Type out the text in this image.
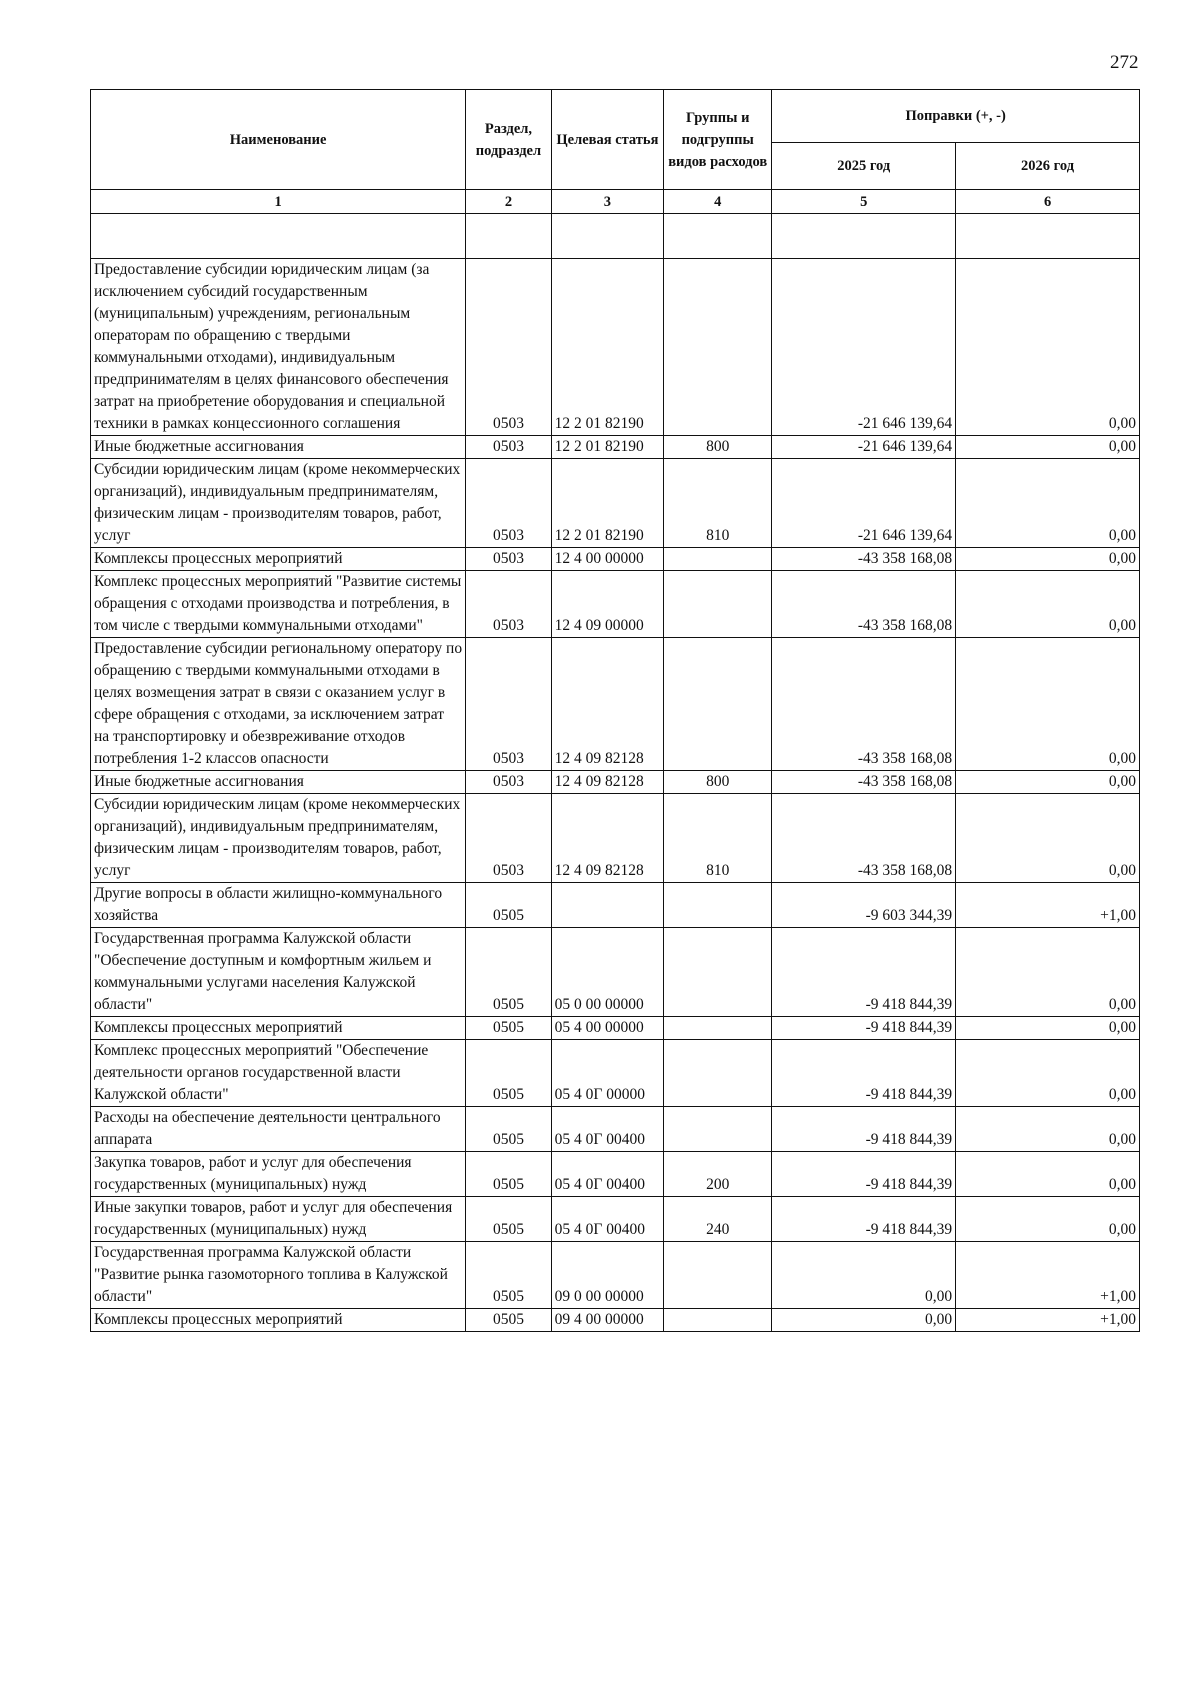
272
Наименование	Раздел, подраздел	Целевая статья	Группы и подгруппы видов расходов	Поправки (+, -)	
				2025 год	2026 год
1	2	3	4	5	6

Предоставление субсидии юридическим лицам (за исключением субсидий государственным (муниципальным) учреждениям, региональным операторам по обращению с твердыми коммунальными отходами), индивидуальным предпринимателям в целях финансового обеспечения затрат на приобретение оборудования и специальной техники в рамках концессионного соглашения	0503	12 2 01 82190		-21 646 139,64	0,00
Иные бюджетные ассигнования	0503	12 2 01 82190	800	-21 646 139,64	0,00
Субсидии юридическим лицам (кроме некоммерческих организаций), индивидуальным предпринимателям, физическим лицам - производителям товаров, работ, услуг	0503	12 2 01 82190	810	-21 646 139,64	0,00
Комплексы процессных мероприятий	0503	12 4 00 00000		-43 358 168,08	0,00
Комплекс процессных мероприятий "Развитие системы обращения с отходами производства и потребления, в том числе с твердыми коммунальными отходами"	0503	12 4 09 00000		-43 358 168,08	0,00
Предоставление субсидии региональному оператору по обращению с твердыми коммунальными отходами в целях возмещения затрат в связи с оказанием услуг в сфере обращения с отходами, за исключением затрат на транспортировку и обезвреживание отходов потребления 1-2 классов опасности	0503	12 4 09 82128		-43 358 168,08	0,00
Иные бюджетные ассигнования	0503	12 4 09 82128	800	-43 358 168,08	0,00
Субсидии юридическим лицам (кроме некоммерческих организаций), индивидуальным предпринимателям, физическим лицам - производителям товаров, работ, услуг	0503	12 4 09 82128	810	-43 358 168,08	0,00
Другие вопросы в области жилищно-коммунального хозяйства	0505			-9 603 344,39	+1,00
Государственная программа Калужской области "Обеспечение доступным и комфортным жильем и коммунальными услугами населения Калужской области"	0505	05 0 00 00000		-9 418 844,39	0,00
Комплексы процессных мероприятий	0505	05 4 00 00000		-9 418 844,39	0,00
Комплекс процессных мероприятий "Обеспечение деятельности органов государственной власти Калужской области"	0505	05 4 0Г 00000		-9 418 844,39	0,00
Расходы на обеспечение деятельности центрального аппарата	0505	05 4 0Г 00400		-9 418 844,39	0,00
Закупка товаров, работ и услуг для обеспечения государственных (муниципальных) нужд	0505	05 4 0Г 00400	200	-9 418 844,39	0,00
Иные закупки товаров, работ и услуг для обеспечения государственных (муниципальных) нужд	0505	05 4 0Г 00400	240	-9 418 844,39	0,00
Государственная программа Калужской области "Развитие рынка газомоторного топлива в Калужской области"	0505	09 0 00 00000		0,00	+1,00
Комплексы процессных мероприятий	0505	09 4 00 00000		0,00	+1,00
